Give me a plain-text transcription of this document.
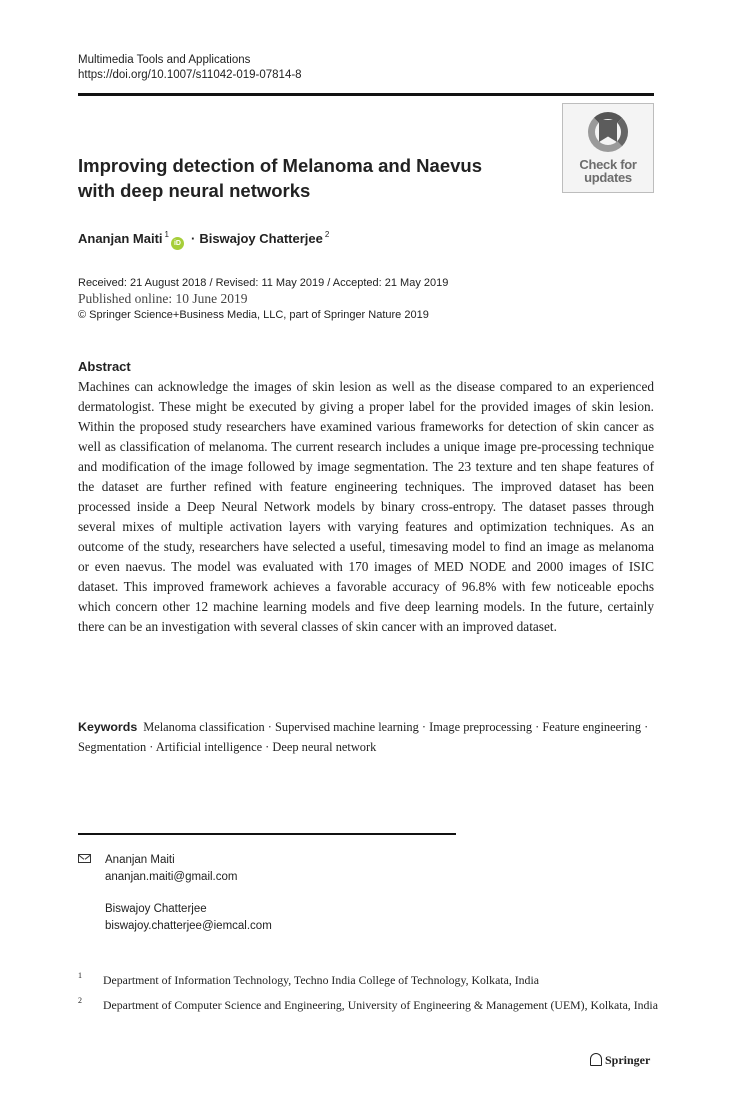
Multimedia Tools and Applications
https://doi.org/10.1007/s11042-019-07814-8
Check for
updates
Improving detection of Melanoma and Naevus
with deep neural networks
Ananjan Maiti $^1$iD · Biswajoy Chatterjee $^2$
Received: 21 August 2018 / Revised: 11 May 2019 / Accepted: 21 May 2019
Published online: 10 June 2019
© Springer Science+Business Media, LLC, part of Springer Nature 2019
Abstract
Machines can acknowledge the images of skin lesion as well as the disease compared to an experienced dermatologist. These might be executed by giving a proper label for the provided images of skin lesion. Within the proposed study researchers have examined various frameworks for detection of skin cancer as well as classification of melanoma. The current research includes a unique image pre-processing technique and modification of the image followed by image segmentation. The 23 texture and ten shape features of the dataset are further refined with feature engineering techniques. The improved dataset has been processed inside a Deep Neural Network models by binary cross-entropy. The dataset passes through several mixes of multiple activation layers with varying features and optimization techniques. As an outcome of the study, researchers have selected a useful, timesaving model to find an image as melanoma or even naevus. The model was evaluated with 170 images of MED NODE and 2000 images of ISIC dataset. This improved framework achieves a favorable accuracy of 96.8% with few noticeable epochs which concern other 12 machine learning models and five deep learning models. In the future, certainly there can be an investigation with several classes of skin cancer with an improved dataset.
Keywords Melanoma classification · Supervised machine learning · Image preprocessing · Feature engineering · Segmentation · Artificial intelligence · Deep neural network
Ananjan Maiti
ananjan.maiti@gmail.com
Biswajoy Chatterjee
biswajoy.chatterjee@iemcal.com
1 Department of Information Technology, Techno India College of Technology, Kolkata, India
2 Department of Computer Science and Engineering, University of Engineering & Management (UEM), Kolkata, India
Springer
